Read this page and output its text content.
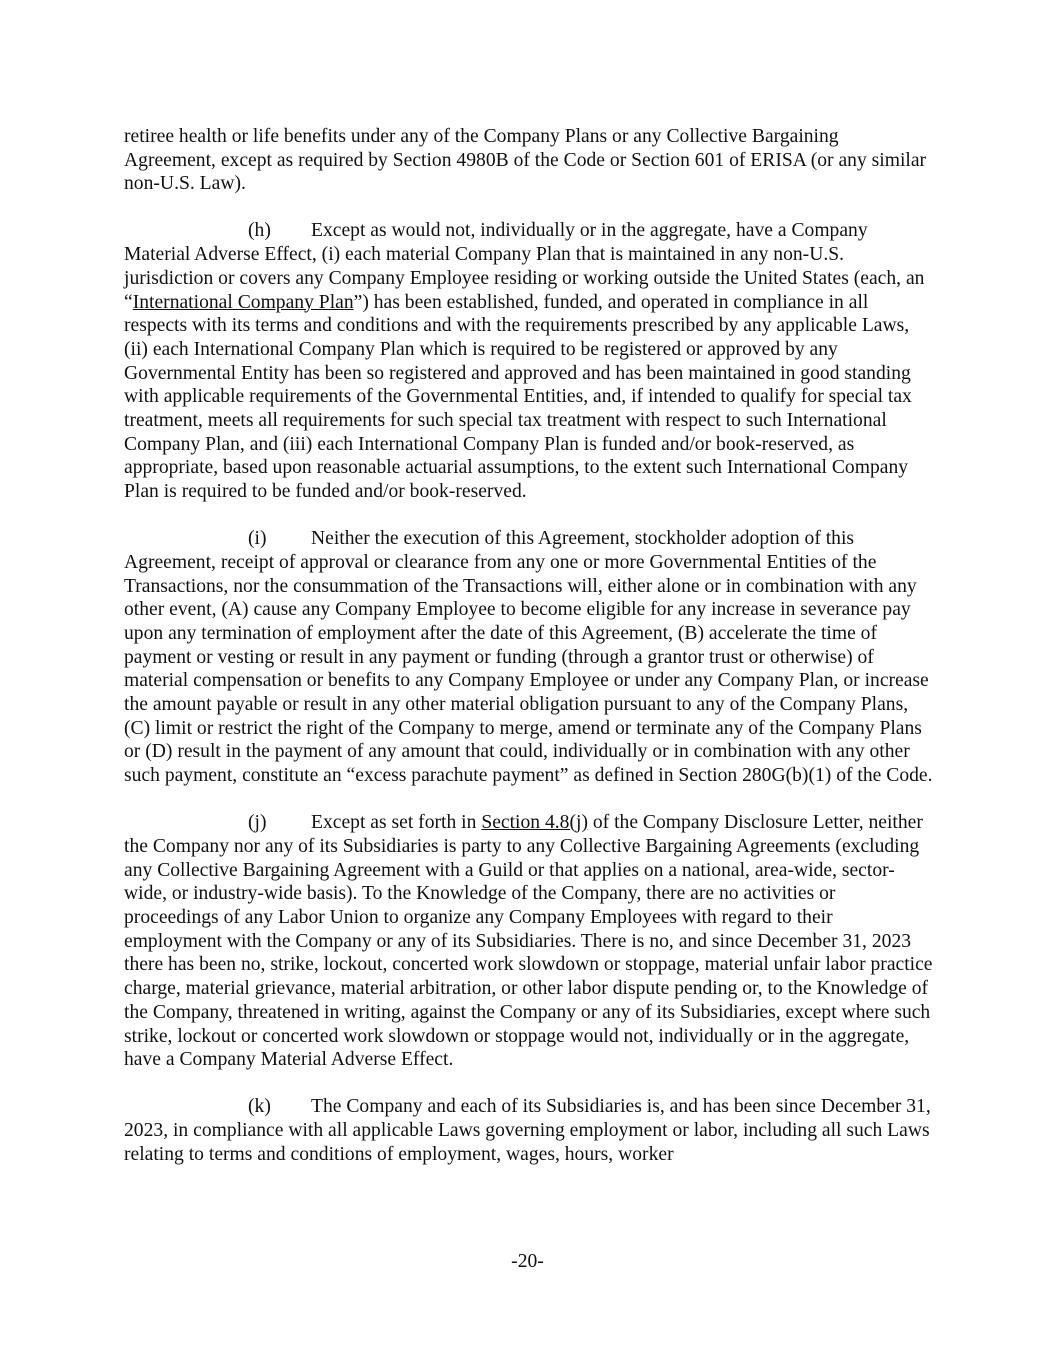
retiree health or life benefits under any of the Company Plans or any Collective Bargaining Agreement, except as required by Section 4980B of the Code or Section 601 of ERISA (or any similar non-U.S. Law).

(h) Except as would not, individually or in the aggregate, have a Company Material Adverse Effect, (i) each material Company Plan that is maintained in any non-U.S. jurisdiction or covers any Company Employee residing or working outside the United States (each, an “International Company Plan”) has been established, funded, and operated in compliance in all respects with its terms and conditions and with the requirements prescribed by any applicable Laws, (ii) each International Company Plan which is required to be registered or approved by any Governmental Entity has been so registered and approved and has been maintained in good standing with applicable requirements of the Governmental Entities, and, if intended to qualify for special tax treatment, meets all requirements for such special tax treatment with respect to such International Company Plan, and (iii) each International Company Plan is funded and/or book-reserved, as appropriate, based upon reasonable actuarial assumptions, to the extent such International Company Plan is required to be funded and/or book-reserved.

(i) Neither the execution of this Agreement, stockholder adoption of this Agreement, receipt of approval or clearance from any one or more Governmental Entities of the Transactions, nor the consummation of the Transactions will, either alone or in combination with any other event, (A) cause any Company Employee to become eligible for any increase in severance pay upon any termination of employment after the date of this Agreement, (B) accelerate the time of payment or vesting or result in any payment or funding (through a grantor trust or otherwise) of material compensation or benefits to any Company Employee or under any Company Plan, or increase the amount payable or result in any other material obligation pursuant to any of the Company Plans, (C) limit or restrict the right of the Company to merge, amend or terminate any of the Company Plans or (D) result in the payment of any amount that could, individually or in combination with any other such payment, constitute an “excess parachute payment” as defined in Section 280G(b)(1) of the Code.

(j) Except as set forth in Section 4.8(j) of the Company Disclosure Letter, neither the Company nor any of its Subsidiaries is party to any Collective Bargaining Agreements (excluding any Collective Bargaining Agreement with a Guild or that applies on a national, area-wide, sector-wide, or industry-wide basis). To the Knowledge of the Company, there are no activities or proceedings of any Labor Union to organize any Company Employees with regard to their employment with the Company or any of its Subsidiaries. There is no, and since December 31, 2023 there has been no, strike, lockout, concerted work slowdown or stoppage, material unfair labor practice charge, material grievance, material arbitration, or other labor dispute pending or, to the Knowledge of the Company, threatened in writing, against the Company or any of its Subsidiaries, except where such strike, lockout or concerted work slowdown or stoppage would not, individually or in the aggregate, have a Company Material Adverse Effect.

(k) The Company and each of its Subsidiaries is, and has been since December 31, 2023, in compliance with all applicable Laws governing employment or labor, including all such Laws relating to terms and conditions of employment, wages, hours, worker

-20-
